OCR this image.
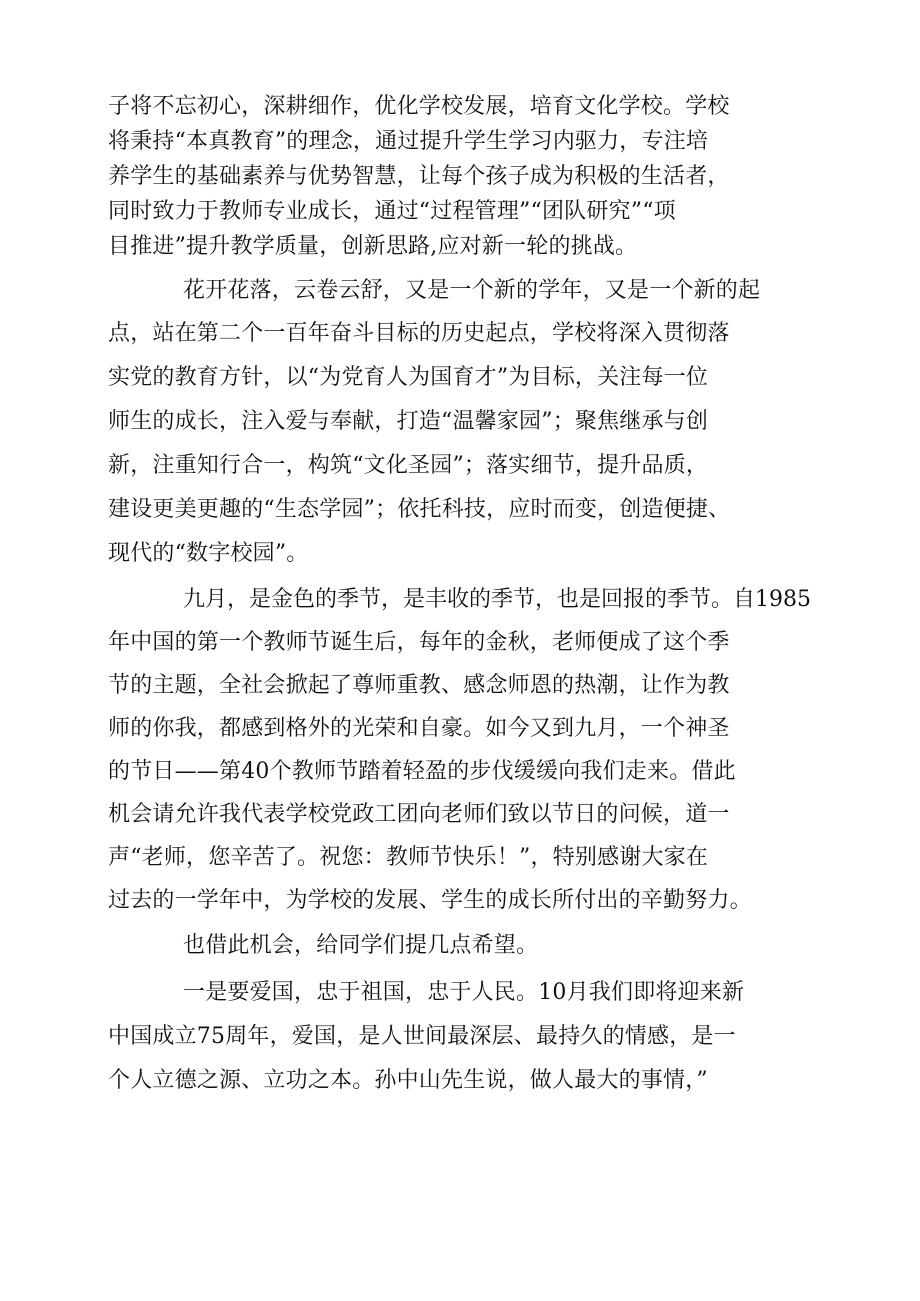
子将不忘初心，深耕细作，优化学校发展，培育文化学校。学校
将秉持“本真教育”的理念，通过提升学生学习内驱力，专注培
养学生的基础素养与优势智慧，让每个孩子成为积极的生活者，
同时致力于教师专业成长，通过“过程管理”“团队研究”“项
目推进”提升教学质量，创新思路,应对新一轮的挑战。
花开花落，云卷云舒，又是一个新的学年，又是一个新的起
点，站在第二个一百年奋斗目标的历史起点，学校将深入贯彻落
实党的教育方针，以“为党育人为国育才”为目标，关注每一位
师生的成长，注入爱与奉献，打造“温馨家园”；聚焦继承与创
新，注重知行合一，构筑“文化圣园”；落实细节，提升品质，
建设更美更趣的“生态学园”；依托科技，应时而变，创造便捷、
现代的“数字校园”。
九月，是金色的季节，是丰收的季节，也是回报的季节。自1985
年中国的第一个教师节诞生后，每年的金秋，老师便成了这个季
节的主题，全社会掀起了尊师重教、感念师恩的热潮，让作为教
师的你我，都感到格外的光荣和自豪。如今又到九月，一个神圣
的节日——第40个教师节踏着轻盈的步伐缓缓向我们走来。借此
机会请允许我代表学校党政工团向老师们致以节日的问候，道一
声“老师，您辛苦了。祝您：教师节快乐！”，特别感谢大家在
过去的一学年中，为学校的发展、学生的成长所付出的辛勤努力。
也借此机会，给同学们提几点希望。
一是要爱国，忠于祖国，忠于人民。10月我们即将迎来新
中国成立75周年，爱国，是人世间最深层、最持久的情感，是一
个人立德之源、立功之本。孙中山先生说，做人最大的事情，”
